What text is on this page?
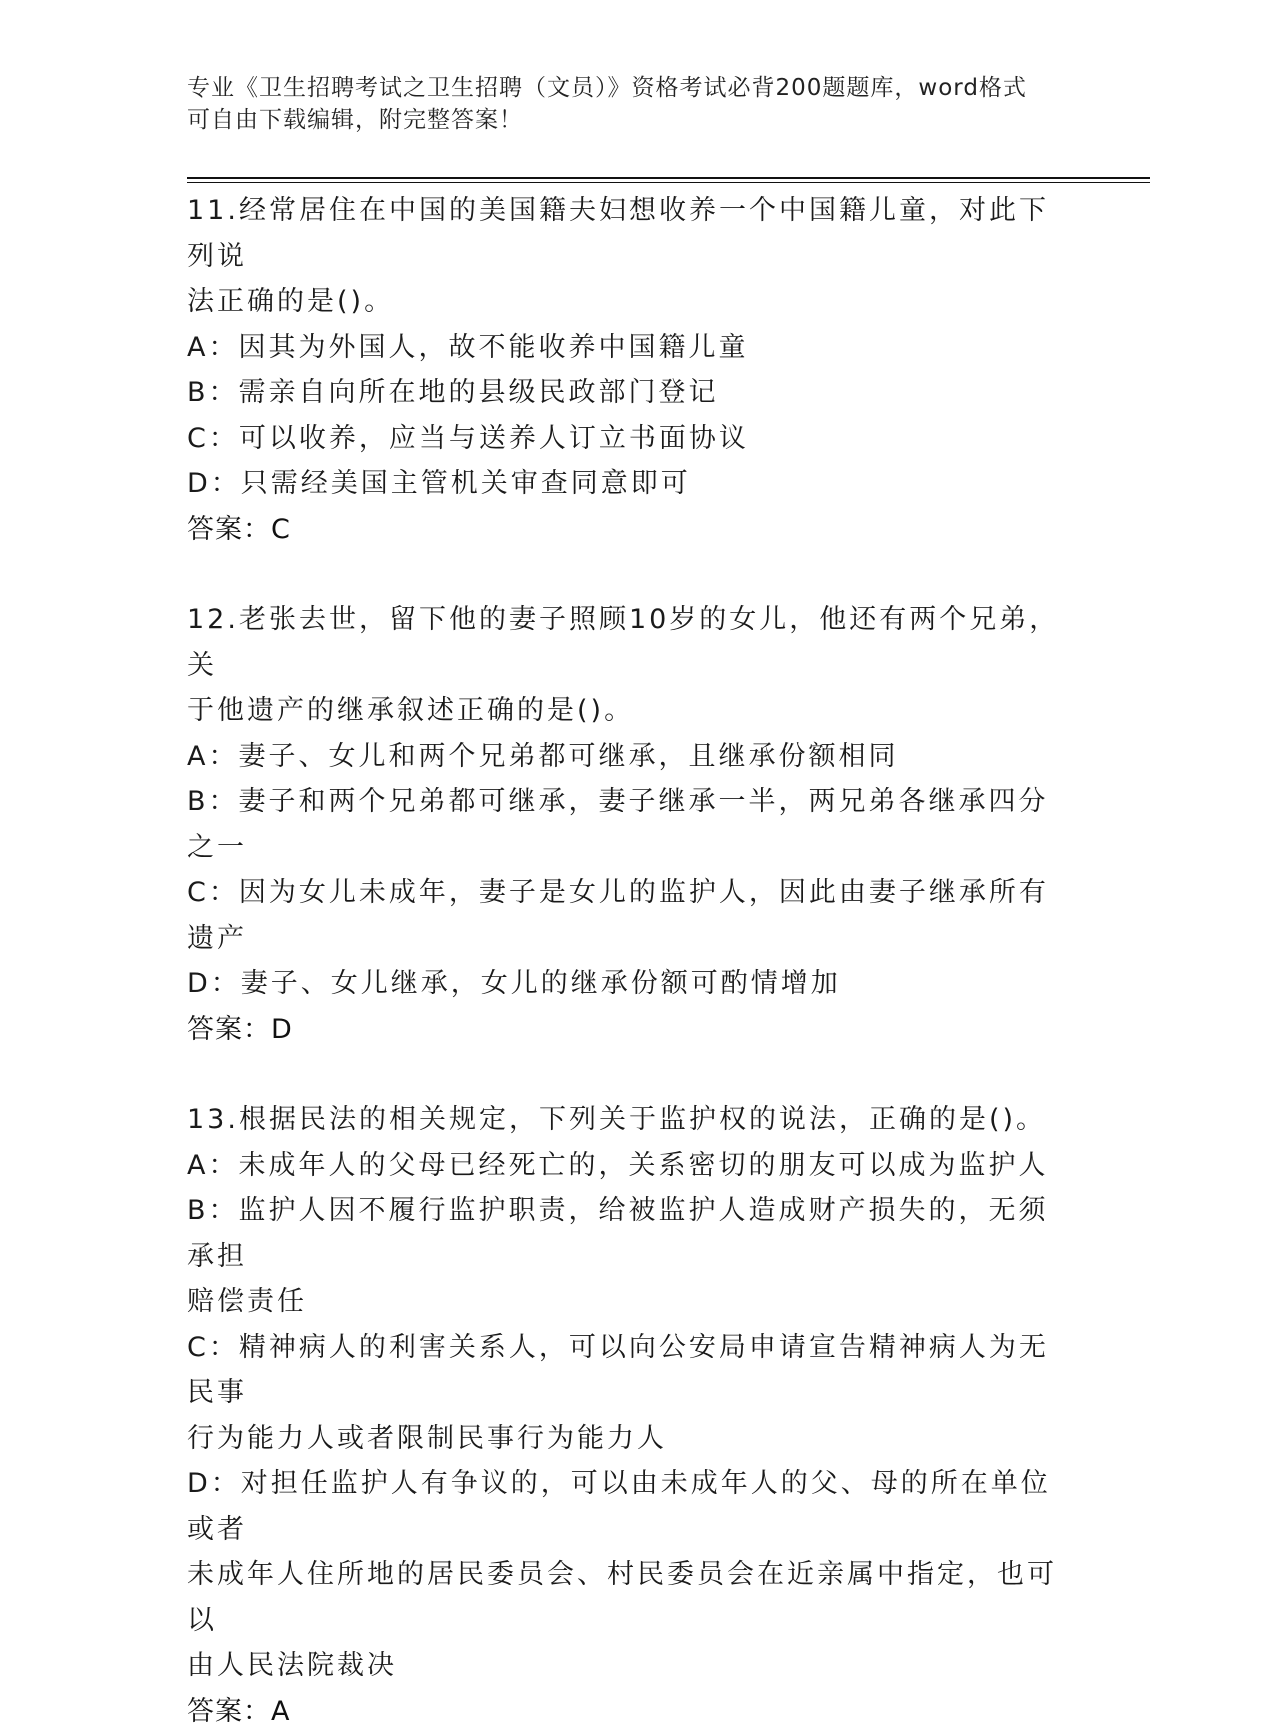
专业《卫生招聘考试之卫生招聘（文员）》资格考试必背200题题库，word格式
可自由下载编辑，附完整答案！
11.经常居住在中国的美国籍夫妇想收养一个中国籍儿童，对此下列说
法正确的是()。
A：因其为外国人，故不能收养中国籍儿童
B：需亲自向所在地的县级民政部门登记
C：可以收养，应当与送养人订立书面协议
D：只需经美国主管机关审查同意即可
答案：C
12.老张去世，留下他的妻子照顾10岁的女儿，他还有两个兄弟，关
于他遗产的继承叙述正确的是()。
A：妻子、女儿和两个兄弟都可继承，且继承份额相同
B：妻子和两个兄弟都可继承，妻子继承一半，两兄弟各继承四分之一
C：因为女儿未成年，妻子是女儿的监护人，因此由妻子继承所有遗产
D：妻子、女儿继承，女儿的继承份额可酌情增加
答案：D
13.根据民法的相关规定，下列关于监护权的说法，正确的是()。
A：未成年人的父母已经死亡的，关系密切的朋友可以成为监护人
B：监护人因不履行监护职责，给被监护人造成财产损失的，无须承担
赔偿责任
C：精神病人的利害关系人，可以向公安局申请宣告精神病人为无民事
行为能力人或者限制民事行为能力人
D：对担任监护人有争议的，可以由未成年人的父、母的所在单位或者
未成年人住所地的居民委员会、村民委员会在近亲属中指定，也可以
由人民法院裁决
答案：A
